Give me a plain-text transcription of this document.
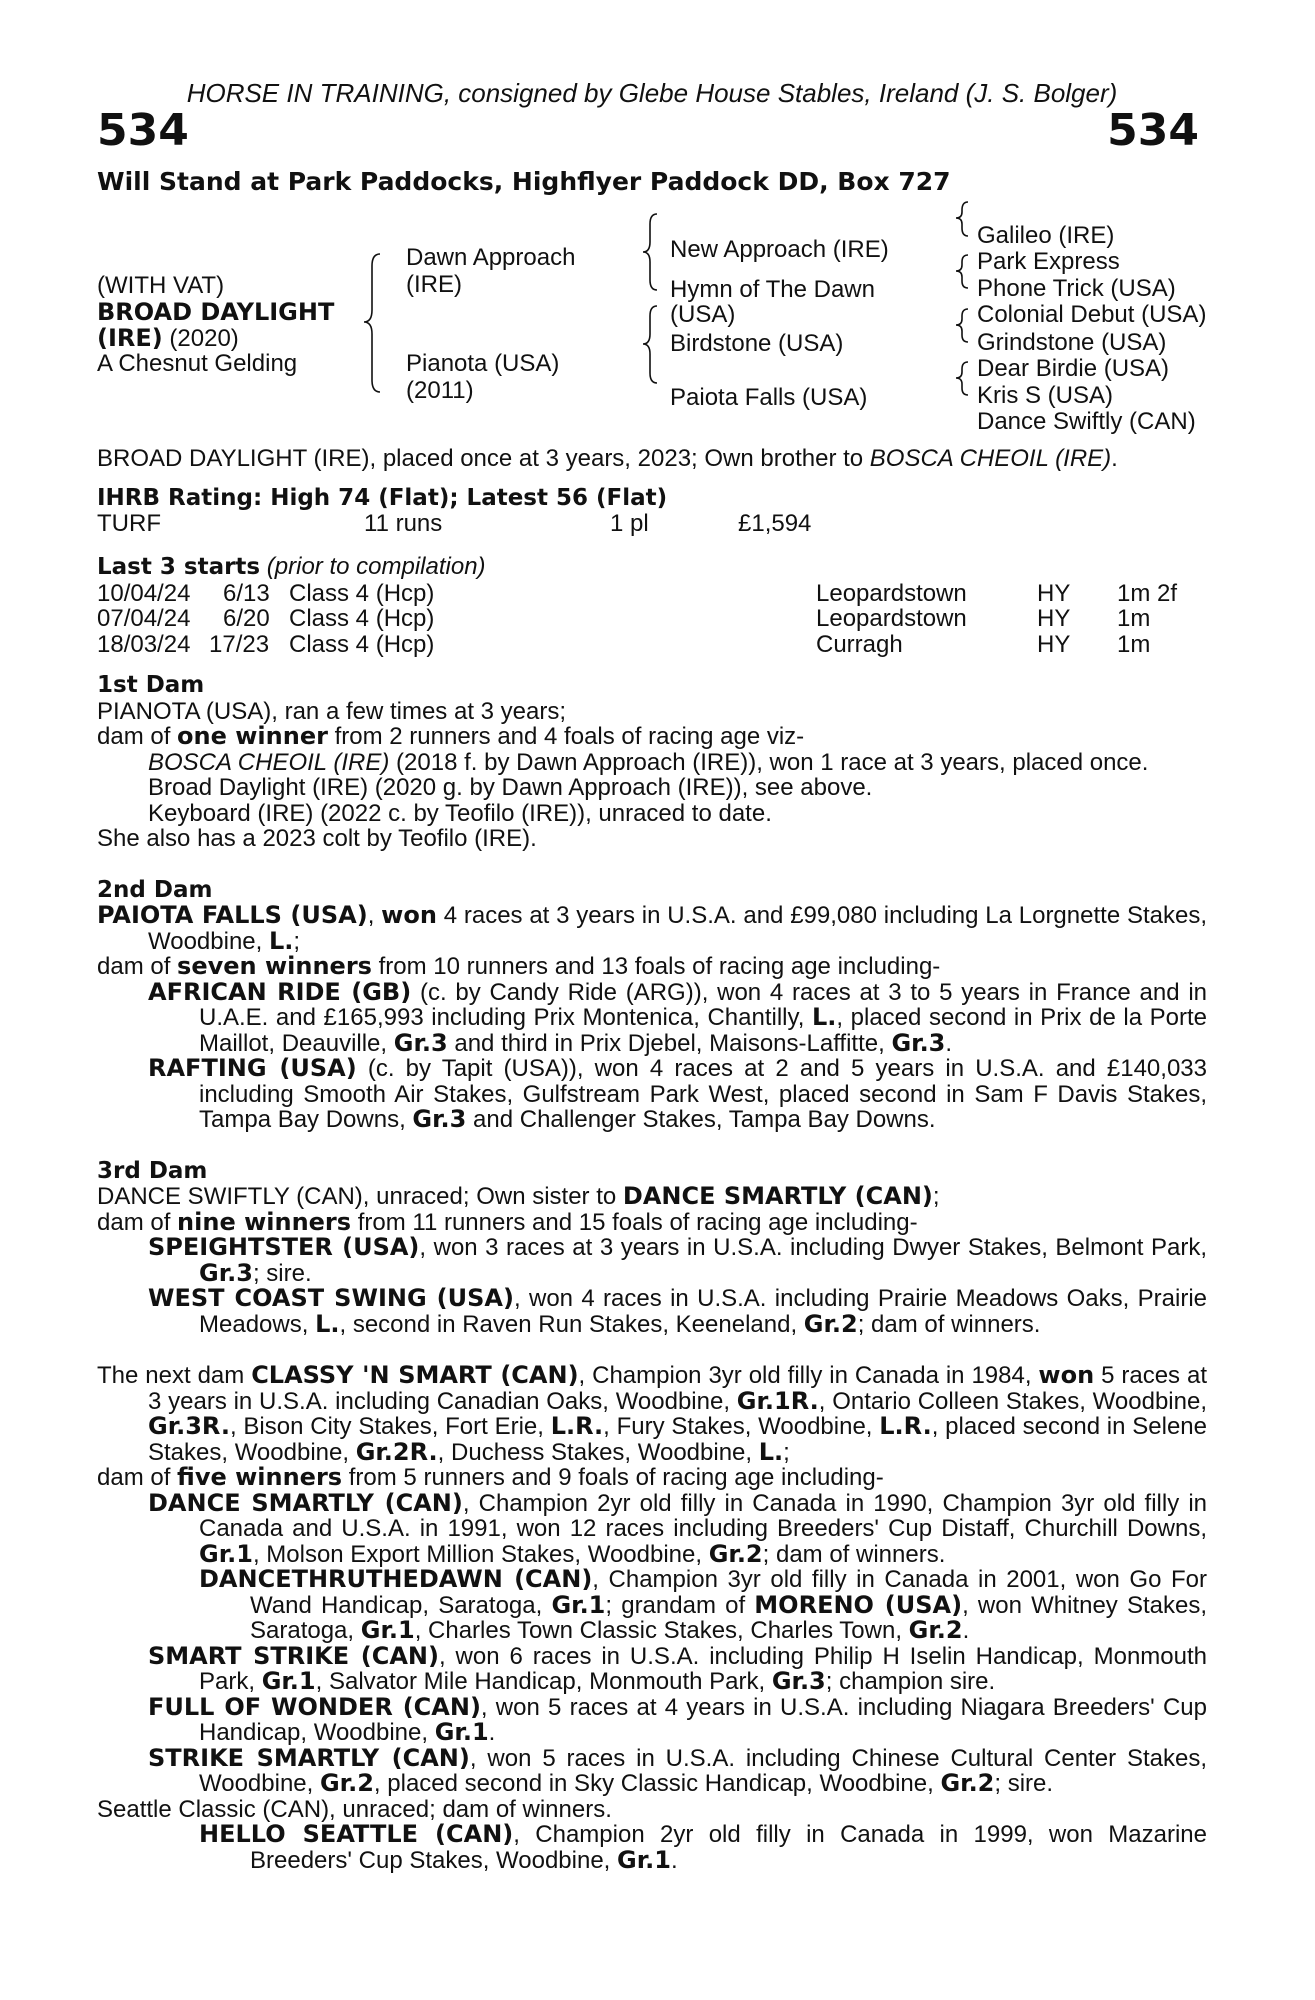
HORSE IN TRAINING, consigned by Glebe House Stables, Ireland (J. S. Bolger)
534	534
Will Stand at Park Paddocks, Highflyer Paddock DD, Box 727
(WITH VAT)
BROAD DAYLIGHT
(IRE) (2020)
A Chesnut Gelding
Dawn Approach
(IRE)
Pianota (USA)
(2011)
New Approach (IRE)
Hymn of The Dawn
(USA)
Birdstone (USA)
Paiota Falls (USA)
Galileo (IRE)
Park Express
Phone Trick (USA)
Colonial Debut (USA)
Grindstone (USA)
Dear Birdie (USA)
Kris S (USA)
Dance Swiftly (CAN)
BROAD DAYLIGHT (IRE), placed once at 3 years, 2023; Own brother to BOSCA CHEOIL (IRE).
IHRB Rating: High 74 (Flat); Latest 56 (Flat)
TURF	11 runs	1 pl	£1,594
Last 3 starts (prior to compilation)
10/04/24 6/13 Class 4 (Hcp)	Leopardstown	HY 1m 2f
07/04/24 6/20 Class 4 (Hcp)	Leopardstown	HY 1m
18/03/24 17/23 Class 4 (Hcp)	Curragh	HY 1m
1st Dam
PIANOTA (USA), ran a few times at 3 years;
dam of one winner from 2 runners and 4 foals of racing age viz-
BOSCA CHEOIL (IRE) (2018 f. by Dawn Approach (IRE)), won 1 race at 3 years, placed once.
Broad Daylight (IRE) (2020 g. by Dawn Approach (IRE)), see above.
Keyboard (IRE) (2022 c. by Teofilo (IRE)), unraced to date.
She also has a 2023 colt by Teofilo (IRE).
2nd Dam

PAIOTA FALLS (USA), won 4 races at 3 years in U.S.A. and £99,080 including La Lorgnette Stakes, Woodbine, L.;

dam of seven winners from 10 runners and 13 foals of racing age including-

AFRICAN RIDE (GB) (c. by Candy Ride (ARG)), won 4 races at 3 to 5 years in France and in U.A.E. and £165,993 including Prix Montenica, Chantilly, L., placed second in Prix de la Porte Maillot, Deauville, Gr.3 and third in Prix Djebel, Maisons-Laffitte, Gr.3.

RAFTING (USA) (c. by Tapit (USA)), won 4 races at 2 and 5 years in U.S.A. and £140,033 including Smooth Air Stakes, Gulfstream Park West, placed second in Sam F Davis Stakes, Tampa Bay Downs, Gr.3 and Challenger Stakes, Tampa Bay Downs.

3rd Dam
DANCE SWIFTLY (CAN), unraced; Own sister to DANCE SMARTLY (CAN);
dam of nine winners from 11 runners and 15 foals of racing age including-

SPEIGHTSTER (USA), won 3 races at 3 years in U.S.A. including Dwyer Stakes, Belmont Park, Gr.3; sire.

WEST COAST SWING (USA), won 4 races in U.S.A. including Prairie Meadows Oaks, Prairie Meadows, L., second in Raven Run Stakes, Keeneland, Gr.2; dam of winners.

The next dam CLASSY 'N SMART (CAN), Champion 3yr old filly in Canada in 1984, won 5 races at 3 years in U.S.A. including Canadian Oaks, Woodbine, Gr.1R., Ontario Colleen Stakes, Woodbine, Gr.3R., Bison City Stakes, Fort Erie, L.R., Fury Stakes, Woodbine, L.R., placed second in Selene Stakes, Woodbine, Gr.2R., Duchess Stakes, Woodbine, L.;

dam of five winners from 5 runners and 9 foals of racing age including-

DANCE SMARTLY (CAN), Champion 2yr old filly in Canada in 1990, Champion 3yr old filly in Canada and U.S.A. in 1991, won 12 races including Breeders' Cup Distaff, Churchill Downs, Gr.1, Molson Export Million Stakes, Woodbine, Gr.2; dam of winners.

DANCETHRUTHEDAWN (CAN), Champion 3yr old filly in Canada in 2001, won Go For Wand Handicap, Saratoga, Gr.1; grandam of MORENO (USA), won Whitney Stakes, Saratoga, Gr.1, Charles Town Classic Stakes, Charles Town, Gr.2.

SMART STRIKE (CAN), won 6 races in U.S.A. including Philip H Iselin Handicap, Monmouth Park, Gr.1, Salvator Mile Handicap, Monmouth Park, Gr.3; champion sire.

FULL OF WONDER (CAN), won 5 races at 4 years in U.S.A. including Niagara Breeders' Cup Handicap, Woodbine, Gr.1.

STRIKE SMARTLY (CAN), won 5 races in U.S.A. including Chinese Cultural Center Stakes, Woodbine, Gr.2, placed second in Sky Classic Handicap, Woodbine, Gr.2; sire.

Seattle Classic (CAN), unraced; dam of winners.

HELLO SEATTLE (CAN), Champion 2yr old filly in Canada in 1999, won Mazarine Breeders' Cup Stakes, Woodbine, Gr.1.
